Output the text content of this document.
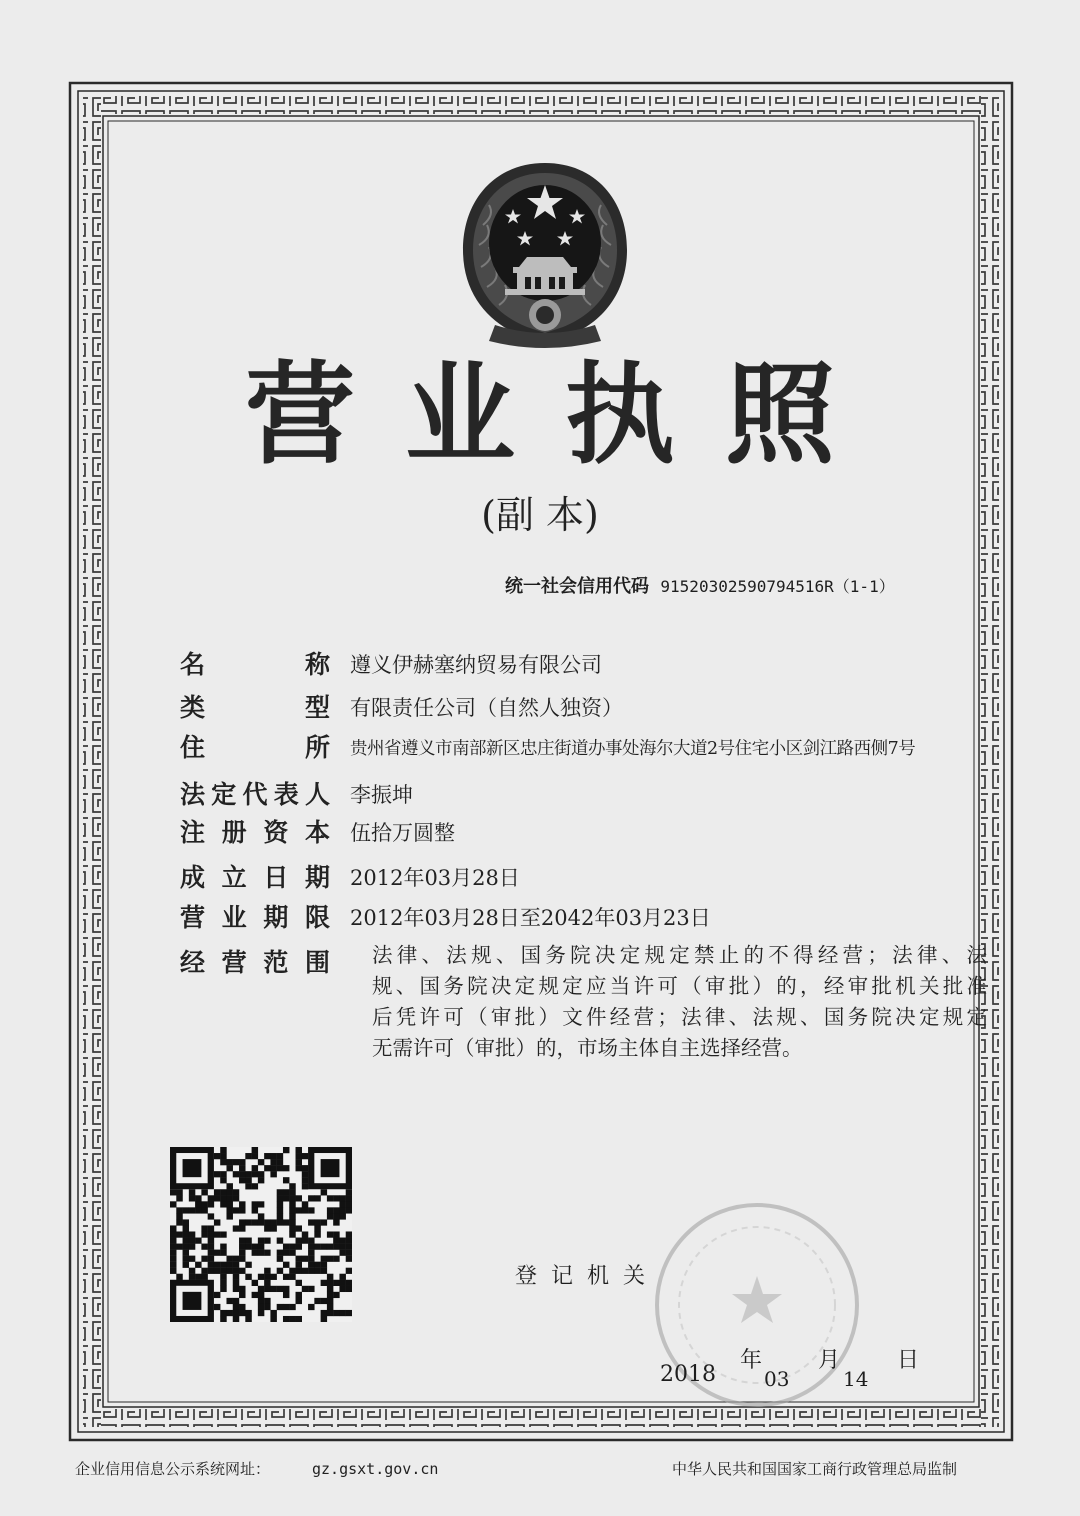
营业执照
(副 本)
统一社会信用代码 91520302590794516R（1-1）
名	称 遵义伊赫塞纳贸易有限公司
类	型 有限责任公司（自然人独资）
住	所 贵州省遵义市南部新区忠庄街道办事处海尔大道2号住宅小区剑江路西侧7号
法 定 代 表 人 李振坤
注 册 资 本 伍拾万圆整
成 立 日 期 2012年03月28日
营 业 期 限 2012年03月28日至2042年03月23日
经 营 范 围 法律、法规、国务院决定规定禁止的不得经营；法律、法
规、国务院决定规定应当许可（审批）的，经审批机关批准
后凭许可（审批）文件经营；法律、法规、国务院决定规定
无需许可（审批）的，市场主体自主选择经营。
登记机关
2018
年
03
月
14
日
企业信用信息公示系统网址：	gz.gsxt.gov.cn	中华人民共和国国家工商行政管理总局监制
